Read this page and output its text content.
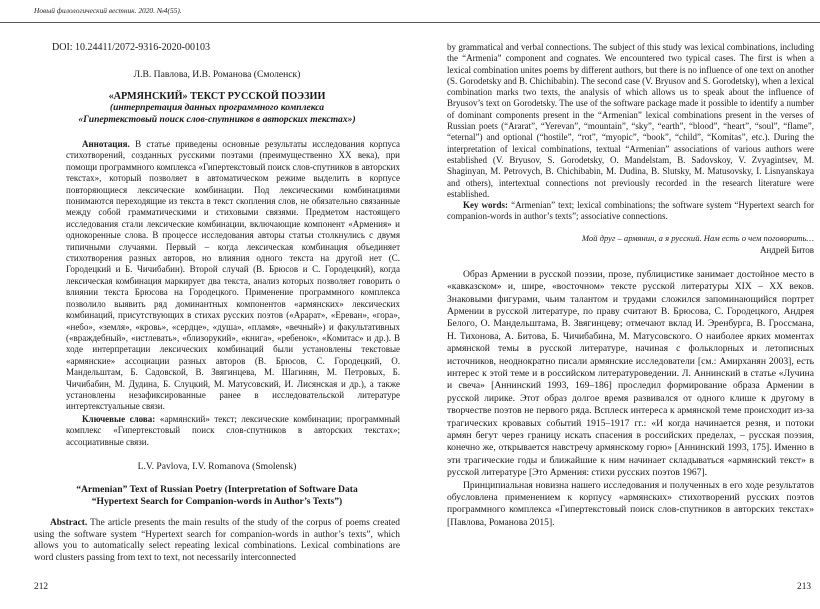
Новый филологический вестник. 2020. №4(55).
DOI: 10.24411/2072-9316-2020-00103
Л.В. Павлова, И.В. Романова (Смоленск)
«АРМЯНСКИЙ» ТЕКСТ РУССКОЙ ПОЭЗИИ
(интерпретация данных программного комплекса
«Гипертекстовый поиск слов-спутников в авторских текстах»)
Аннотация. В статье приведены основные результаты исследования корпуса стихотворений, созданных русскими поэтами (преимущественно XX века), при помощи программного комплекса «Гипертекстовый поиск слов-спутников в авторских текстах», который позволяет в автоматическом режиме выделить в корпусе повторяющиеся лексические комбинации. Под лексическими комбинациями понимаются переходящие из текста в текст скопления слов, не обязательно связанные между собой грамматическими и стиховыми связями. Предметом настоящего исследования стали лексические комбинации, включающие компонент «Армения» и однокоренные слова. В процессе исследования авторы статьи столкнулись с двумя типичными случаями. Первый – когда лексическая комбинация объединяет стихотворения разных авторов, но влияния одного текста на другой нет (С. Городецкий и Б. Чичибабин). Второй случай (В. Брюсов и С. Городецкий), когда лексическая комбинация маркирует два текста, анализ которых позволяет говорить о влиянии текста Брюсова на Городецкого. Применение программного комплекса позволило выявить ряд доминантных компонентов «армянских» лексических комбинаций, присутствующих в стихах русских поэтов («Арарат», «Ереван», «гора», «небо», «земля», «кровь», «сердце», «душа», «пламя», «вечный») и факультативных («враждебный», «истлевать», «близорукий», «книга», «ребенок», «Комитас» и др.). В ходе интерпретации лексических комбинаций были установлены текстовые «армянские» ассоциации разных авторов (В. Брюсов, С. Городецкий, О. Мандельштам, Б. Садовской, В. Звягинцева, М. Шагинян, М. Петровых, Б. Чичибабин, М. Дудина, Б. Слуцкий, М. Матусовский, И. Лисянская и др.), а также установлены незафиксированные ранее в исследовательской литературе интертекстуальные связи.
Ключевые слова: «армянский» текст; лексические комбинации; программный комплекс «Гипертекстовый поиск слов-спутников в авторских текстах»; ассоциативные связи.
L.V. Pavlova, I.V. Romanova (Smolensk)
“Armenian” Text of Russian Poetry (Interpretation of Software Data
“Hypertext Search for Companion-words in Author’s Texts”)
Abstract. The article presents the main results of the study of the corpus of poems created using the software system “Hypertext search for companion-words in author’s texts”, which allows you to automatically select repeating lexical combinations. Lexical combinations are word clusters passing from text to text, not necessarily interconnected
by grammatical and verbal connections. The subject of this study was lexical combinations, including the “Armenia” component and cognates. We encountered two typical cases. The first is when a lexical combination unites poems by different authors, but there is no influence of one text on another (S. Gorodetsky and B. Chichibabin). The second case (V. Bryusov and S. Gorodetsky), when a lexical combination marks two texts, the analysis of which allows us to speak about the influence of Bryusov’s text on Gorodetsky. The use of the software package made it possible to identify a number of dominant components present in the “Armenian” lexical combinations present in the verses of Russian poets (“Ararat”, “Yerevan”, “mountain”, “sky”, “earth”, “blood”, “heart”, “soul”, “flame”, “eternal”) and optional (“hostile”, “rot”, “myopic”, “book”, “child”, “Komitas”, etc.). During the interpretation of lexical combinations, textual “Armenian” associations of various authors were established (V. Bryusov, S. Gorodetsky, O. Mandelstam, B. Sadovskoy, V. Zvyagintsev, M. Shaginyan, M. Petrovych, B. Chichibabin, M. Dudina, B. Slutsky, M. Matusovsky, I. Lisnyanskaya and others), intertextual connections not previously recorded in the research literature were established.
Key words: “Armenian” text; lexical combinations; the software system “Hypertext search for companion-words in author’s texts”; associative connections.
Мой друг – армянин, а я русский. Нам есть о чем поговорить…
Андрей Битов
Образ Армении в русской поэзии, прозе, публицистике занимает достойное место в «кавказском» и, шире, «восточном» тексте русской литературы XIX – XX веков. Знаковыми фигурами, чьим талантом и трудами сложился запоминающийся портрет Армении в русской литературе, по праву считают В. Брюсова, С. Городецкого, Андрея Белого, О. Мандельштама, В. Звягинцеву; отмечают вклад И. Эренбурга, В. Гроссмана, Н. Тихонова, А. Битова, Б. Чичибабина, М. Матусовского. О наиболее ярких моментах армянской темы в русской литературе, начиная с фольклорных и летописных источников, неоднократно писали армянские исследователи [см.: Амирханян 2003], есть интерес к этой теме и в российском литературоведении. Л. Аннинский в статье «Лучина и свеча» [Аннинский 1993, 169–186] проследил формирование образа Армении в русской лирике. Этот образ долгое время развивался от одного клише к другому в творчестве поэтов не первого ряда. Всплеск интереса к армянской теме происходит из-за трагических кровавых событий 1915–1917 гг.: «И когда начинается резня, и потоки армян бегут через границу искать спасения в российских пределах, – русская поэзия, конечно же, открывается навстречу армянскому горю» [Аннинский 1993, 175]. Именно в эти трагические годы и ближайшие к ним начинает складываться «армянский текст» в русской литературе [Это Армения: стихи русских поэтов 1967].
Принципиальная новизна нашего исследования и полученных в его ходе результатов обусловлена применением к корпусу «армянских» стихотворений русских поэтов программного комплекса «Гипертекстовый поиск слов-спутников в авторских текстах» [Павлова, Романова 2015].
212	213
